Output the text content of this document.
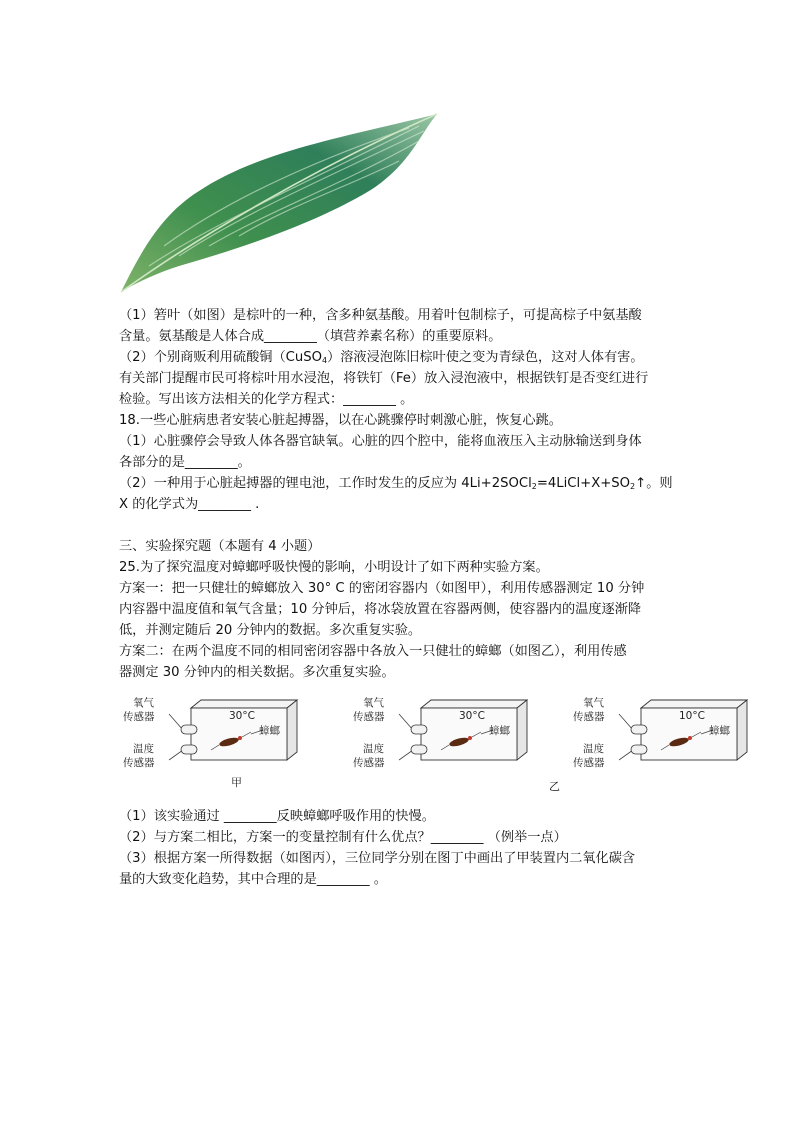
（1）箬叶（如图）是棕叶的一种，含多种氨基酸。用着叶包制棕子，可提高棕子中氨基酸
含量。氨基酸是人体合成________（填营养素名称）的重要原料。
（2）个别商贩利用硫酸铜（CuSO$_4$）溶液浸泡陈旧棕叶使之变为青绿色，这对人体有害。
有关部门提醒市民可将棕叶用水浸泡，将铁钉（Fe）放入浸泡液中，根据铁钉是否变红进行
检验。写出该方法相关的化学方程式：________ 。
18.一些心脏病患者安装心脏起搏器，以在心跳骤停时刺激心脏，恢复心跳。
（1）心脏骤停会导致人体各器官缺氧。心脏的四个腔中，能将血液压入主动脉输送到身体
各部分的是________。
（2）一种用于心脏起搏器的锂电池，工作时发生的反应为 $4Li+2SOCl_2=4LiCl+X+SO_2↑$。则
X 的化学式为________ .
三、实验探究题（本题有 4 小题）
25.为了探究温度对蟑螂呼吸快慢的影响，小明设计了如下两种实验方案。
方案一：把一只健壮的蟑螂放入 30° C 的密闭容器内（如图甲），利用传感器测定 10 分钟
内容器中温度值和氧气含量；10 分钟后，将冰袋放置在容器两侧，使容器内的温度逐渐降
低，并测定随后 20 分钟内的数据。多次重复实验。
方案二：在两个温度不同的相同密闭容器中各放入一只健壮的蟑螂（如图乙），利用传感
器测定 30 分钟内的相关数据。多次重复实验。
氧气
传感器
温度
传感器
30°C
蟑螂
甲
氧气
传感器
温度
传感器
30°C
蟑螂
氧气
传感器
温度
传感器
10°C
蟑螂
乙
（1）该实验通过 ________反映蟑螂呼吸作用的快慢。
（2）与方案二相比，方案一的变量控制有什么优点？________ （例举一点）
（3）根据方案一所得数据（如图丙），三位同学分别在图丁中画出了甲装置内二氧化碳含
量的大致变化趋势，其中合理的是________ 。
